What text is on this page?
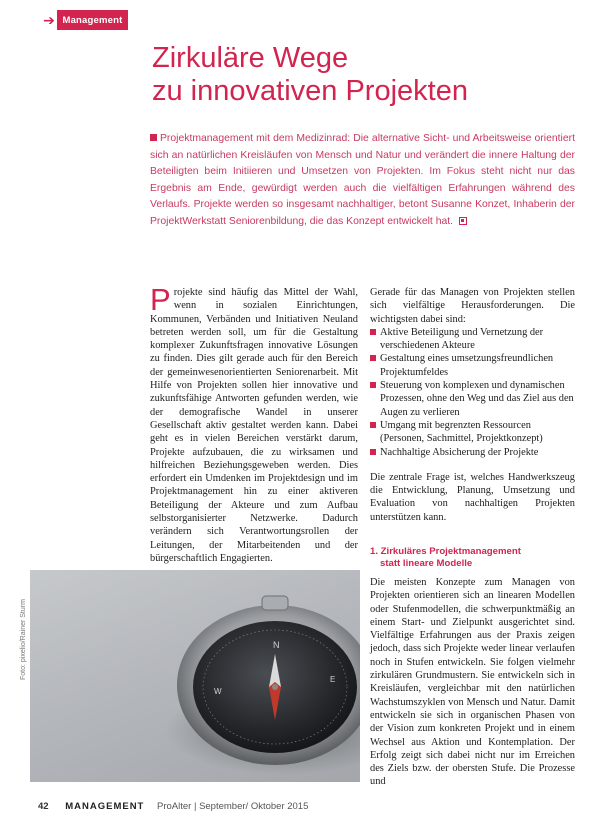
➔ Management
Zirkuläre Wege
zu innovativen Projekten
Projektmanagement mit dem Medizinrad: Die alternative Sicht- und Arbeitsweise orientiert sich an natürlichen Kreisläufen von Mensch und Natur und verändert die innere Haltung der Beteiligten beim Initiieren und Umsetzen von Projekten. Im Fokus steht nicht nur das Ergebnis am Ende, gewürdigt werden auch die vielfältigen Erfahrungen während des Verlaufs. Projekte werden so insgesamt nachhaltiger, betont Susanne Konzet, Inhaberin der ProjektWerkstatt Seniorenbildung, die das Konzept entwickelt hat.
Projekte sind häufig das Mittel der Wahl, wenn in sozialen Einrichtungen, Kommunen, Verbänden und Initiativen Neuland betreten werden soll, um für die Gestaltung komplexer Zukunftsfragen innovative Lösungen zu finden. Dies gilt gerade auch für den Bereich der gemeinwesenorientierten Seniorenarbeit. Mit Hilfe von Projekten sollen hier innovative und zukunftsfähige Antworten gefunden werden, wie der demografische Wandel in unserer Gesellschaft aktiv gestaltet werden kann. Dabei geht es in vielen Bereichen verstärkt darum, Projekte aufzubauen, die zu wirksamen und hilfreichen Beziehungsgeweben werden. Dies erfordert ein Umdenken im Projektdesign und im Projektmanagement hin zu einer aktiveren Beteiligung der Akteure und zum Aufbau selbstorganisierter Netzwerke. Dadurch verändern sich Verantwortungsrollen der Leitungen, der Mitarbeitenden und der bürgerschaftlich Engagierten.
Gerade für das Managen von Projekten stellen sich vielfältige Herausforderungen. Die wichtigsten dabei sind:
Aktive Beteiligung und Vernetzung der verschiedenen Akteure
Gestaltung eines umsetzungsfreundlichen Projektumfeldes
Steuerung von komplexen und dynamischen Prozessen, ohne den Weg und das Ziel aus den Augen zu verlieren
Umgang mit begrenzten Ressourcen (Personen, Sachmittel, Projektkonzept)
Nachhaltige Absicherung der Projekte
Die zentrale Frage ist, welches Handwerkszeug die Entwicklung, Planung, Umsetzung und Evaluation von nachhaltigen Projekten unterstützen kann.
1. Zirkuläres Projektmanagement
statt lineare Modelle
Die meisten Konzepte zum Managen von Projekten orientieren sich an linearen Modellen oder Stufenmodellen, die schwerpunktmäßig an einem Start- und Zielpunkt ausgerichtet sind. Vielfältige Erfahrungen aus der Praxis zeigen jedoch, dass sich Projekte weder linear verlaufen noch in Stufen entwickeln. Sie folgen vielmehr zirkulären Grundmustern. Sie entwickeln sich in Kreisläufen, vergleichbar mit den natürlichen Wachstumszyklen von Mensch und Natur. Damit entwickeln sie sich in organischen Phasen von der Vision zum konkreten Projekt und in einem Wechsel aus Aktion und Kontemplation. Der Erfolg zeigt sich dabei nicht nur im Erreichen des Ziels bzw. der obersten Stufe. Die Prozesse und
N
E
W
Foto: pixelio/Rainer Sturm
42 MANAGEMENT ProAlter | September/ Oktober 2015
